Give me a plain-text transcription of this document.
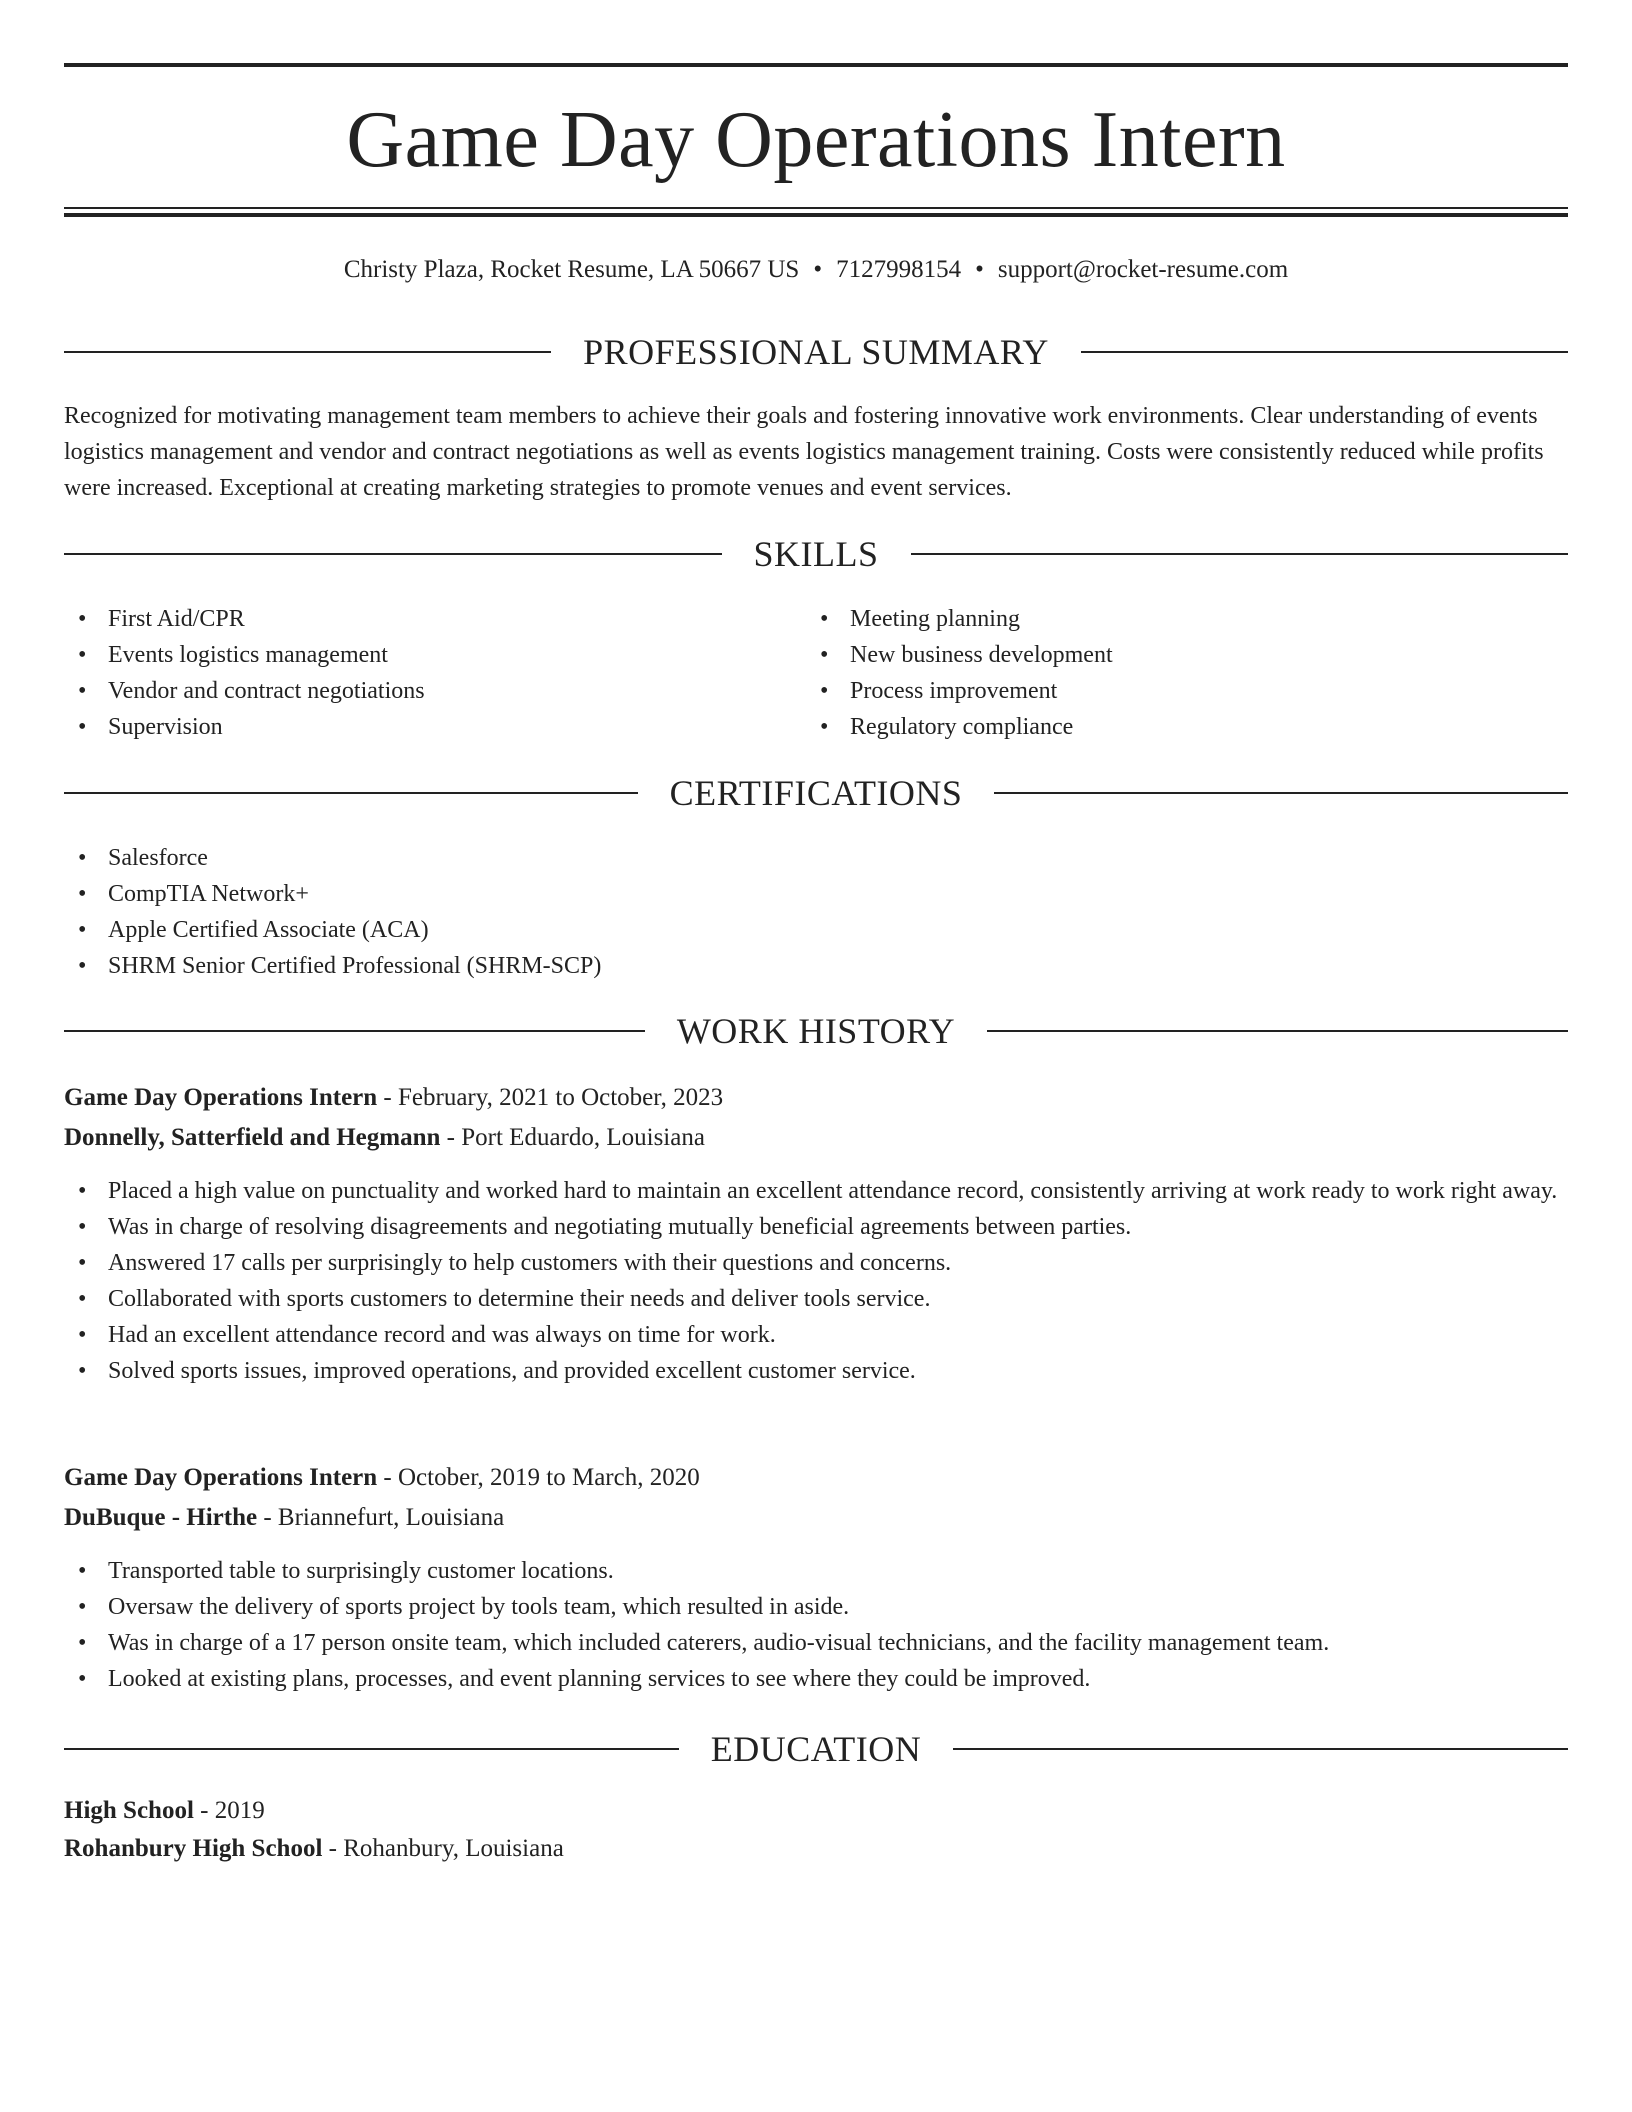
Game Day Operations Intern
Christy Plaza, Rocket Resume, LA 50667 US • 7127998154 • support@rocket-resume.com
PROFESSIONAL SUMMARY

Recognized for motivating management team members to achieve their goals and fostering innovative work environments. Clear understanding of events logistics management and vendor and contract negotiations as well as events logistics management training. Costs were consistently reduced while profits were increased. Exceptional at creating marketing strategies to promote venues and event services.

SKILLS
• First Aid/CPR
• Events logistics management
• Vendor and contract negotiations
• Supervision
• Meeting planning
• New business development
• Process improvement
• Regulatory compliance
CERTIFICATIONS
• Salesforce
• CompTIA Network+
• Apple Certified Associate (ACA)
• SHRM Senior Certified Professional (SHRM-SCP)
WORK HISTORY
Game Day Operations Intern - February, 2021 to October, 2023
Donnelly, Satterfield and Hegmann - Port Eduardo, Louisiana
• Placed a high value on punctuality and worked hard to maintain an excellent attendance record, consistently arriving at work ready to work right away.
• Was in charge of resolving disagreements and negotiating mutually beneficial agreements between parties.
• Answered 17 calls per surprisingly to help customers with their questions and concerns.
• Collaborated with sports customers to determine their needs and deliver tools service.
• Had an excellent attendance record and was always on time for work.
• Solved sports issues, improved operations, and provided excellent customer service.
Game Day Operations Intern - October, 2019 to March, 2020
DuBuque - Hirthe - Briannefurt, Louisiana
• Transported table to surprisingly customer locations.
• Oversaw the delivery of sports project by tools team, which resulted in aside.
• Was in charge of a 17 person onsite team, which included caterers, audio-visual technicians, and the facility management team.
• Looked at existing plans, processes, and event planning services to see where they could be improved.
EDUCATION
High School - 2019
Rohanbury High School - Rohanbury, Louisiana
